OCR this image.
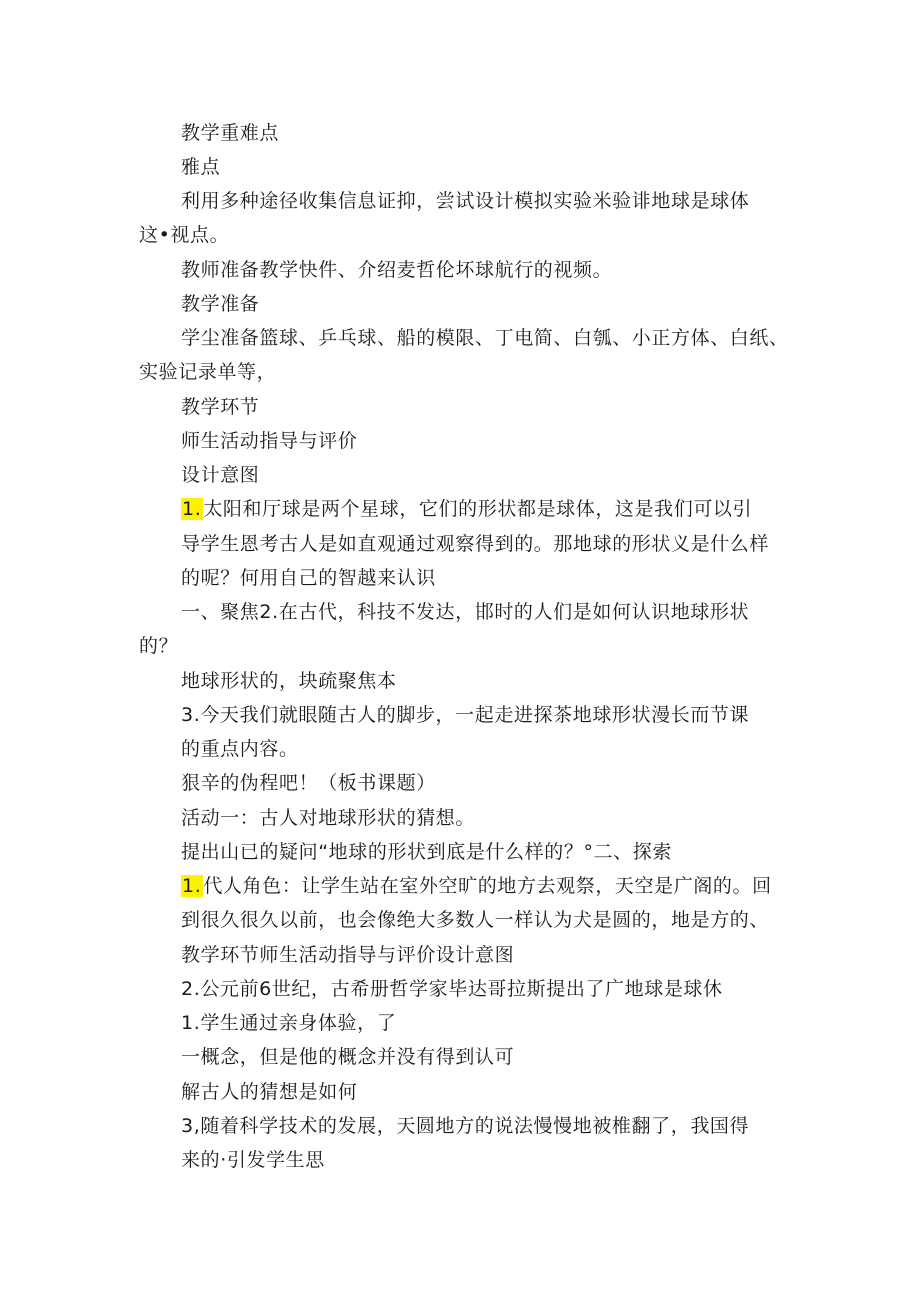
教学重难点
雅点
利用多种途径收集信息证抑，尝试设计模拟实验米验诽地球是球体
这•视点。
教师准备教学快件、介绍麦哲伦坏球航行的视频。
教学准备
学尘准备篮球、乒乓球、船的模限、丁电简、白瓠、小正方体、白纸、
实验记录单等，
教学环节
师生活动指导与评价
设计意图
1. 太阳和厅球是两个星球，它们的形状都是球体，这是我们可以引
导学生恩考古人是如直观通过观察得到的。那地球的形状义是什么样
的呢？何用自己的智越来认识
一、聚焦2.在古代，科技不发达，邯时的人们是如何认识地球形状
的？
地球形状的，块疏聚焦本
3.今天我们就眼随古人的脚步，一起走进探茶地球形状漫长而节课
的重点内容。
狠辛的伪程吧！（板书课题）
活动一：古人对地球形状的猜想。
提出山已的疑问“地球的形状到底是什么样的？°二、探索
1. 代人角色：让学生站在室外空旷的地方去观祭，天空是广阁的。回
到很久很久以前，也会像绝大多数人一样认为犬是圆的，地是方的、
教学环节师生活动指导与评价设计意图
2.公元前6世纪，古希册哲学家毕达哥拉斯提出了广地球是球休
1.学生通过亲身体验，了
一概念，但是他的概念并没有得到认可
解古人的猜想是如何
3,随着科学技术的发展，天圆地方的说法慢慢地被椎翻了，我国得
来的·引发学生思
